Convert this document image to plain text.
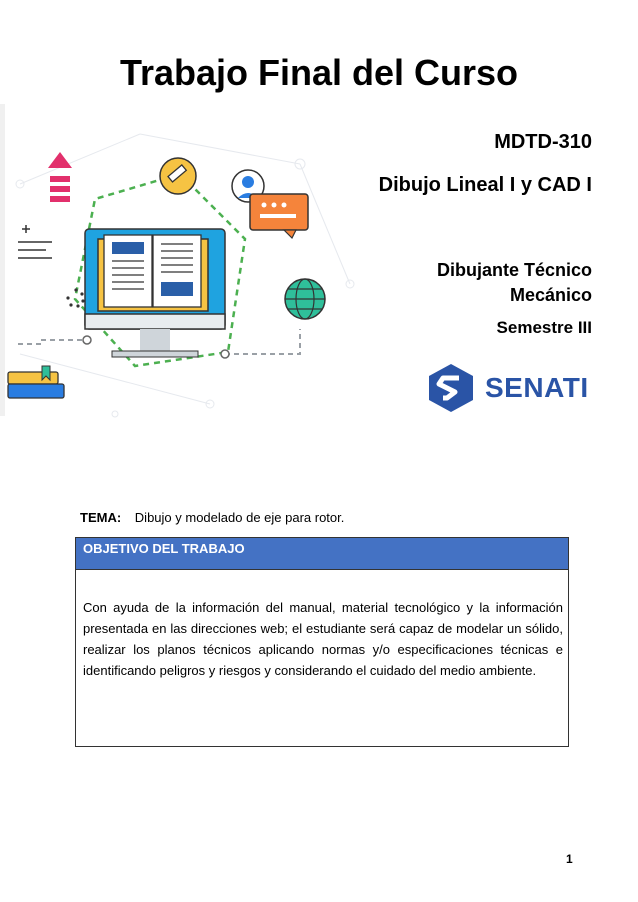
Trabajo Final del Curso
MDTD-310
Dibujo Lineal I y CAD I
Dibujante Técnico
Mecánico
Semestre III
SENATI
TEMA: Dibujo y modelado de eje para rotor.
OBJETIVO DEL TRABAJO
Con ayuda de la información del manual, material tecnológico y la información presentada en las direcciones web; el estudiante será capaz de modelar un sólido, realizar los planos técnicos aplicando normas y/o especificaciones técnicas e identificando peligros y riesgos y considerando el cuidado del medio ambiente.
1
